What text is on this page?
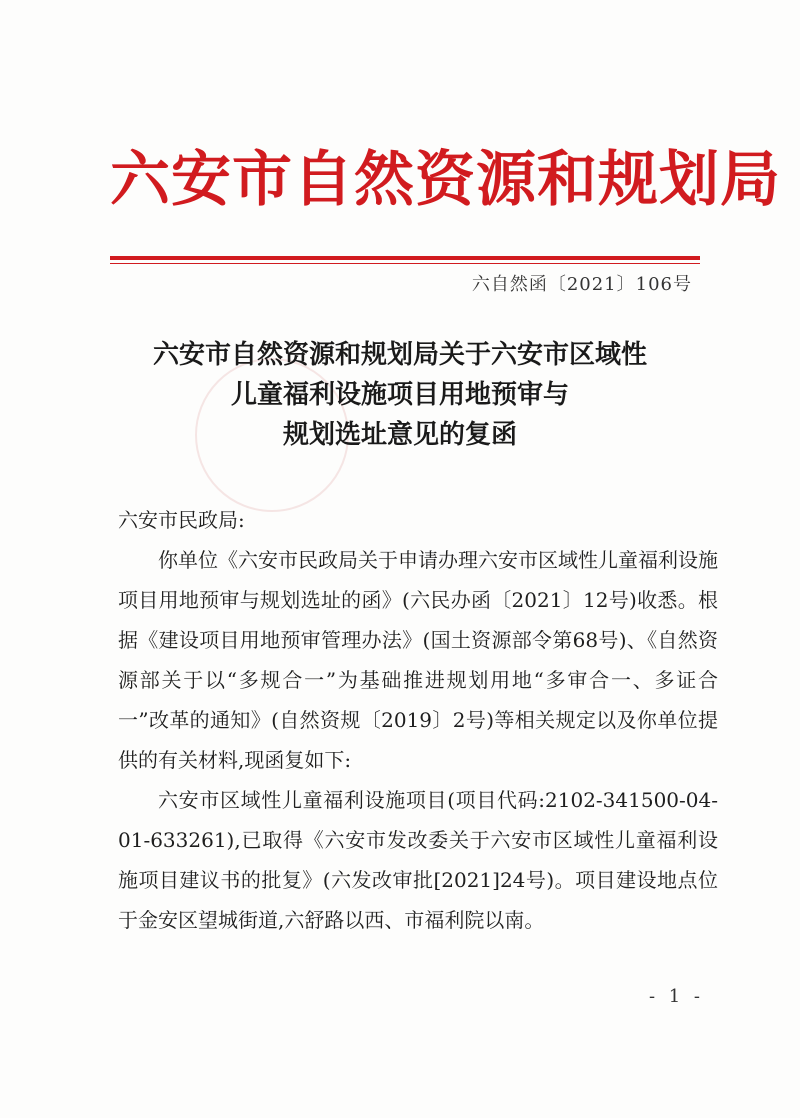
六安市自然资源和规划局
六自然函〔2021〕106号
六安市自然资源和规划局关于六安市区域性
儿童福利设施项目用地预审与
规划选址意见的复函

六安市民政局:

你单位《六安市民政局关于申请办理六安市区域性儿童福利设施项目用地预审与规划选址的函》(六民办函〔2021〕12号)收悉。根据《建设项目用地预审管理办法》(国土资源部令第68号)、《自然资源部关于以“多规合一”为基础推进规划用地“多审合一、多证合一”改革的通知》(自然资规〔2019〕2号)等相关规定以及你单位提供的有关材料,现函复如下:

六安市区域性儿童福利设施项目(项目代码:2102-341500-04-01-633261),已取得《六安市发改委关于六安市区域性儿童福利设施项目建议书的批复》(六发改审批[2021]24号)。项目建设地点位于金安区望城街道,六舒路以西、市福利院以南。

- 1 -
